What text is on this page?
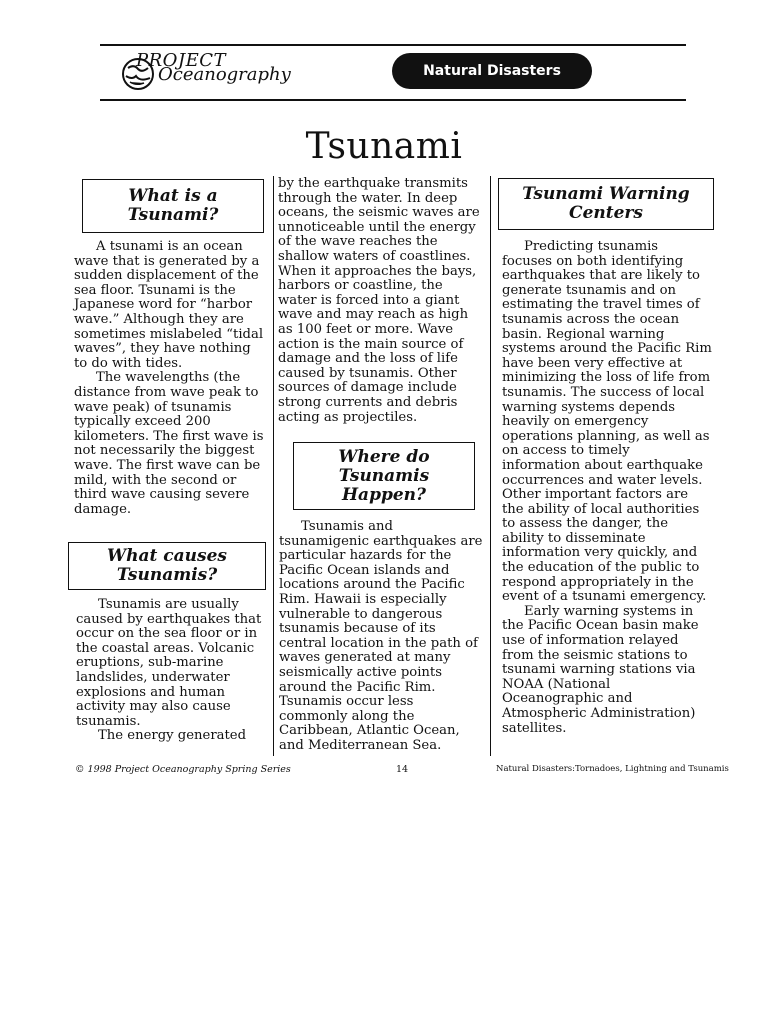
PROJECT
Oceanography	Natural Disasters
Tsunami
What is a Tsunami?

A tsunami is an ocean wave that is generated by a sudden displacement of the sea floor. Tsunami is the Japanese word for “harbor wave.” Although they are sometimes mislabeled “tidal waves”, they have nothing to do with tides.

The wavelengths (the distance from wave peak to wave peak) of tsunamis typically exceed 200 kilometers. The first wave is not necessarily the biggest wave. The first wave can be mild, with the second or third wave causing severe damage.

What causes Tsunamis?

Tsunamis are usually caused by earthquakes that occur on the sea floor or in the coastal areas. Volcanic eruptions, sub-marine landslides, underwater explosions and human activity may also cause tsunamis.

The energy generated

by the earthquake transmits through the water. In deep oceans, the seismic waves are unnoticeable until the energy of the wave reaches the shallow waters of coastlines. When it approaches the bays, harbors or coastline, the water is forced into a giant wave and may reach as high as 100 feet or more. Wave action is the main source of damage and the loss of life caused by tsunamis. Other sources of damage include strong currents and debris acting as projectiles.

Where do Tsunamis Happen?

Tsunamis and tsunamigenic earthquakes are particular hazards for the Pacific Ocean islands and locations around the Pacific Rim. Hawaii is especially vulnerable to dangerous tsunamis because of its central location in the path of waves generated at many seismically active points around the Pacific Rim. Tsunamis occur less commonly along the Caribbean, Atlantic Ocean, and Mediterranean Sea.

Tsunami Warning Centers

Predicting tsunamis focuses on both identifying earthquakes that are likely to generate tsunamis and on estimating the travel times of tsunamis across the ocean basin. Regional warning systems around the Pacific Rim have been very effective at minimizing the loss of life from tsunamis. The success of local warning systems depends heavily on emergency operations planning, as well as on access to timely information about earthquake occurrences and water levels. Other important factors are the ability of local authorities to assess the danger, the ability to disseminate information very quickly, and the education of the public to respond appropriately in the event of a tsunami emergency.

Early warning systems in the Pacific Ocean basin make use of information relayed from the seismic stations to tsunami warning stations via NOAA (National Oceanographic and Atmospheric Administration) satellites.

© 1998 Project Oceanography Spring Series	14	Natural Disasters:Tornadoes, Lightning and Tsunamis
